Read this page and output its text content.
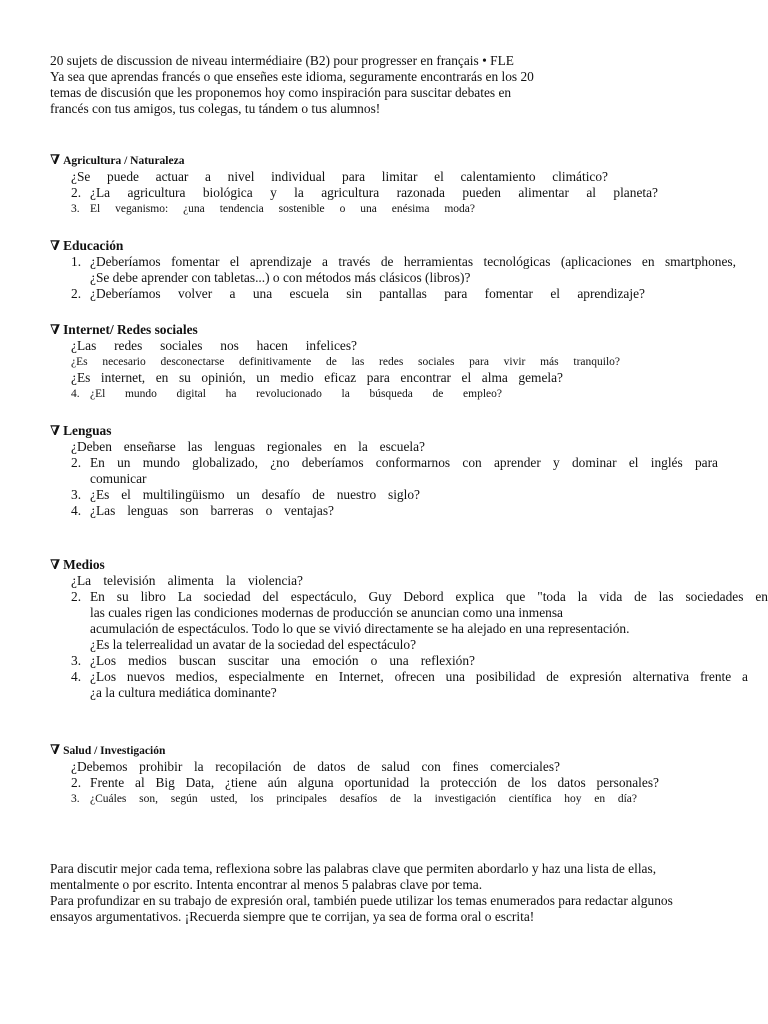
20 sujets de discussion de niveau intermédiaire (B2) pour progresser en français • FLE
Ya sea que aprendas francés o que enseñes este idioma, seguramente encontrarás en los 20
temas de discusión que les proponemos hoy como inspiración para suscitar debates en
francés con tus amigos, tus colegas, tu tándem o tus alumnos!
∇ Agricultura / Naturaleza
¿Se puede actuar a nivel individual para limitar el calentamiento climático?
2. ¿La agricultura biológica y la agricultura razonada pueden alimentar al planeta?
3. El veganismo: ¿una tendencia sostenible o una enésima moda?
∇ Educación
1. ¿Deberíamos fomentar el aprendizaje a través de herramientas tecnológicas (aplicaciones en smartphones,
¿Se debe aprender con tabletas...) o con métodos más clásicos (libros)?
2. ¿Deberíamos volver a una escuela sin pantallas para fomentar el aprendizaje?
∇ Internet/ Redes sociales
¿Las redes sociales nos hacen infelices?
¿Es necesario desconectarse definitivamente de las redes sociales para vivir más tranquilo?
¿Es internet, en su opinión, un medio eficaz para encontrar el alma gemela?
4. ¿El mundo digital ha revolucionado la búsqueda de empleo?
∇ Lenguas
¿Deben enseñarse las lenguas regionales en la escuela?
2. En un mundo globalizado, ¿no deberíamos conformarnos con aprender y dominar el inglés para
comunicar
3. ¿Es el multilingüismo un desafío de nuestro siglo?
4. ¿Las lenguas son barreras o ventajas?
∇ Medios
¿La televisión alimenta la violencia?
2. En su libro La sociedad del espectáculo, Guy Debord explica que "toda la vida de las sociedades en
las cuales rigen las condiciones modernas de producción se anuncian como una inmensa
acumulación de espectáculos. Todo lo que se vivió directamente se ha alejado en una representación.
¿Es la telerrealidad un avatar de la sociedad del espectáculo?
3. ¿Los medios buscan suscitar una emoción o una reflexión?
4. ¿Los nuevos medios, especialmente en Internet, ofrecen una posibilidad de expresión alternativa frente a
¿a la cultura mediática dominante?
∇ Salud / Investigación
¿Debemos prohibir la recopilación de datos de salud con fines comerciales?
2. Frente al Big Data, ¿tiene aún alguna oportunidad la protección de los datos personales?
3. ¿Cuáles son, según usted, los principales desafíos de la investigación científica hoy en día?
Para discutir mejor cada tema, reflexiona sobre las palabras clave que permiten abordarlo y haz una lista de ellas,
mentalmente o por escrito. Intenta encontrar al menos 5 palabras clave por tema.
Para profundizar en su trabajo de expresión oral, también puede utilizar los temas enumerados para redactar algunos
ensayos argumentativos. ¡Recuerda siempre que te corrijan, ya sea de forma oral o escrita!
